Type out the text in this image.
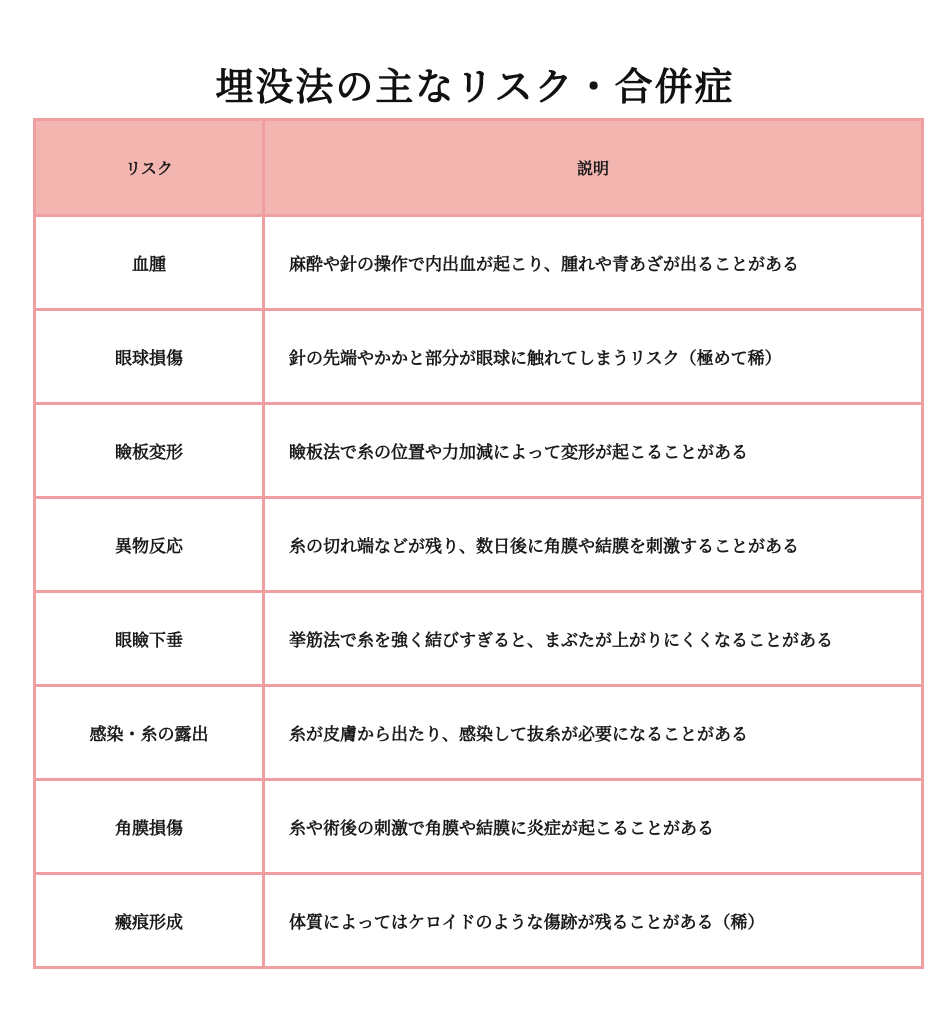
埋没法の主なリスク・合併症
リスク	説明
血腫	麻酔や針の操作で内出血が起こり、腫れや青あざが出ることがある
眼球損傷	針の先端やかかと部分が眼球に触れてしまうリスク（極めて稀）
瞼板変形	瞼板法で糸の位置や力加減によって変形が起こることがある
異物反応	糸の切れ端などが残り、数日後に角膜や結膜を刺激することがある
眼瞼下垂	挙筋法で糸を強く結びすぎると、まぶたが上がりにくくなることがある
感染・糸の露出	糸が皮膚から出たり、感染して抜糸が必要になることがある
角膜損傷	糸や術後の刺激で角膜や結膜に炎症が起こることがある
瘢痕形成	体質によってはケロイドのような傷跡が残ることがある（稀）
